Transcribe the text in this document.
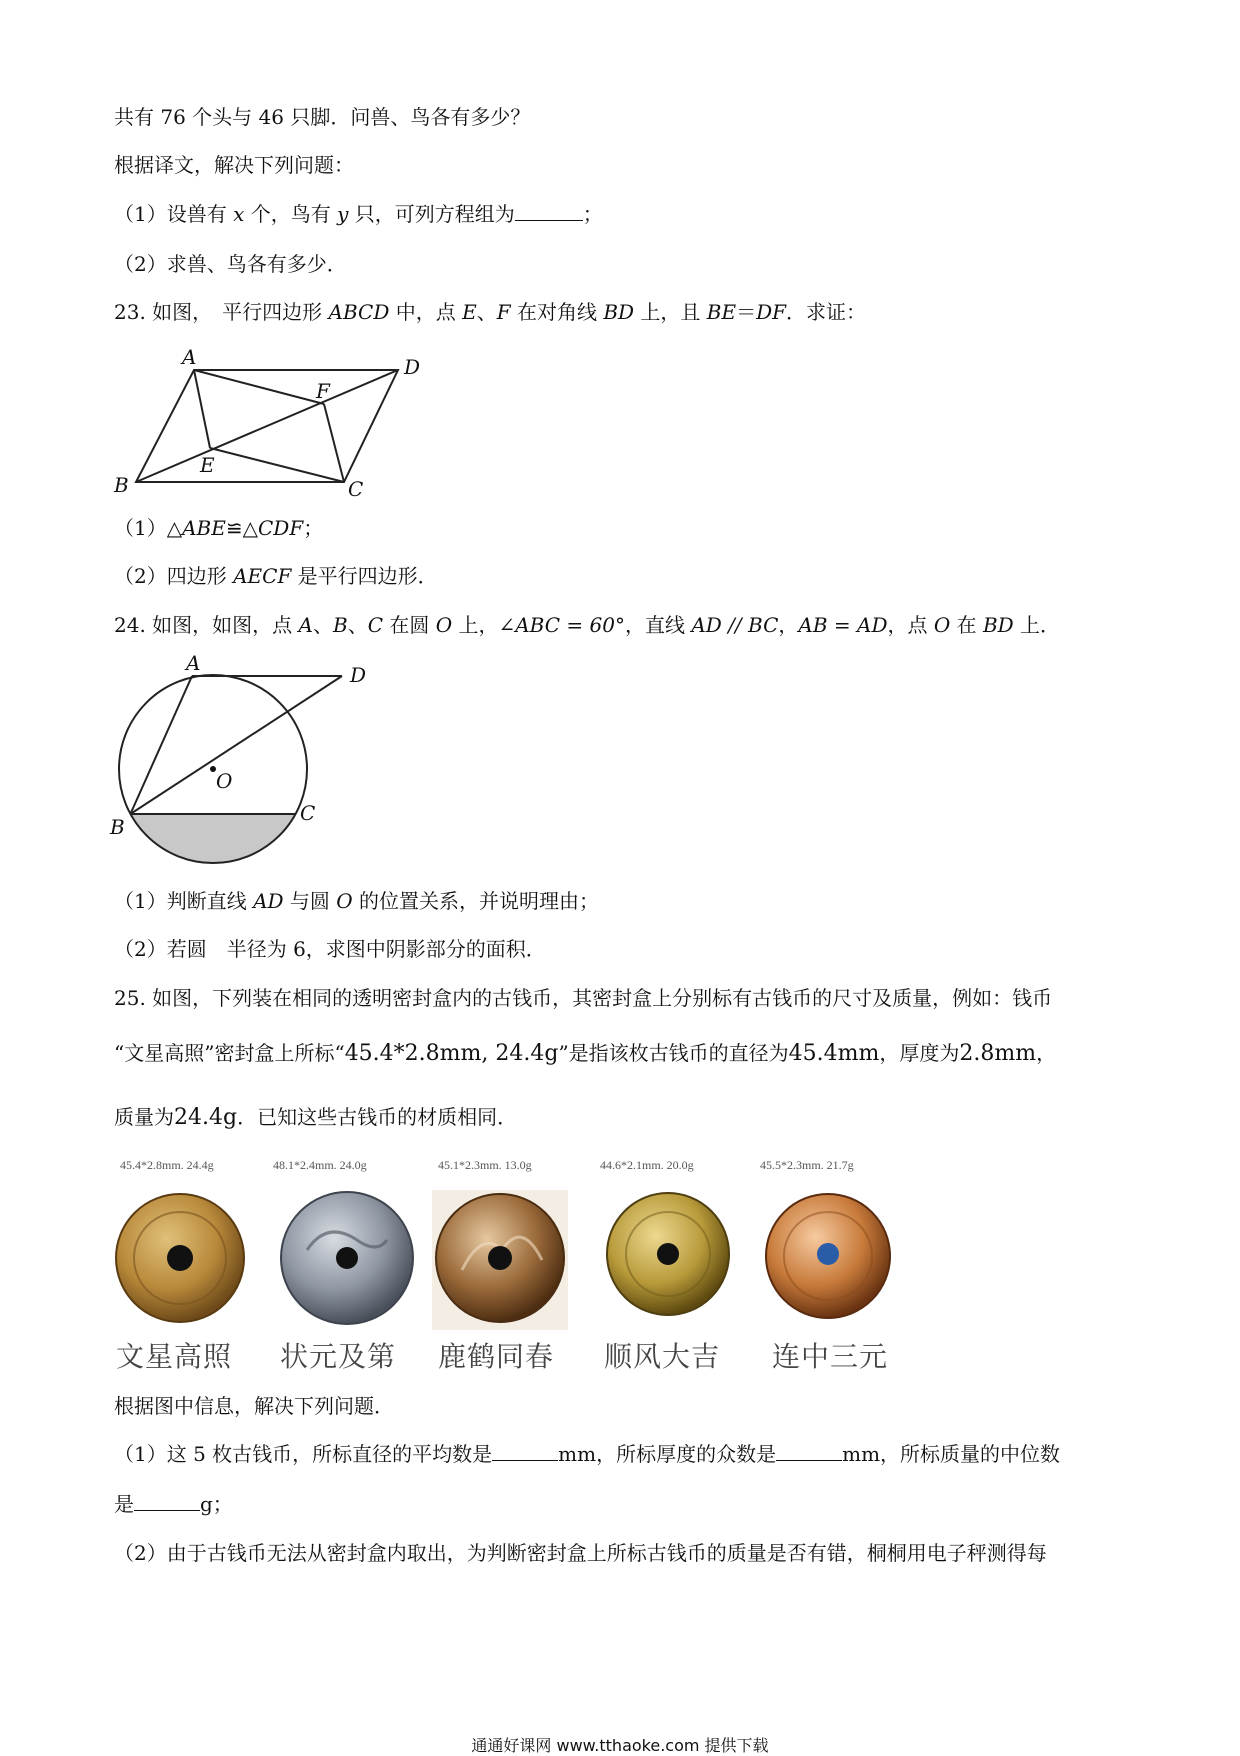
共有 76 个头与 46 只脚．问兽、鸟各有多少？
根据译文，解决下列问题：
（1）设兽有 x 个，鸟有 y 只，可列方程组为	；
（2）求兽、鸟各有多少．
23. 如图，　平行四边形 ABCD 中，点 E、F 在对角线 BD 上，且 BE＝DF．求证：
A	D
F
E
B	C
（1）△ABE≌△CDF；
（2）四边形 AECF 是平行四边形．
24. 如图，如图，点 A、B、C 在圆 O 上，∠ABC = 60°，直线 AD // BC，AB = AD，点 O 在 BD 上．
A	D
O
B
C
（1）判断直线 AD 与圆 O 的位置关系，并说明理由；
（2）若圆　半径为 6，求图中阴影部分的面积．
25. 如图，下列装在相同的透明密封盒内的古钱币，其密封盒上分别标有古钱币的尺寸及质量，例如：钱币
“文星高照”密封盒上所标“45.4*2.8mm, 24.4g”是指该枚古钱币的直径为45.4mm，厚度为2.8mm，
质量为24.4g．已知这些古钱币的材质相同．
45.4*2.8mm. 24.4g	48.1*2.4mm. 24.0g	45.1*2.3mm. 13.0g	44.6*2.1mm. 20.0g	45.5*2.3mm. 21.7g
文星高照 状元及第 鹿鹤同春 顺风大吉 连中三元
根据图中信息，解决下列问题．
（1）这 5 枚古钱币，所标直径的平均数是	mm，所标厚度的众数是	mm，所标质量的中位数
是	g；
（2）由于古钱币无法从密封盒内取出，为判断密封盒上所标古钱币的质量是否有错，桐桐用电子秤测得每
通通好课网 www.tthaoke.com 提供下载
